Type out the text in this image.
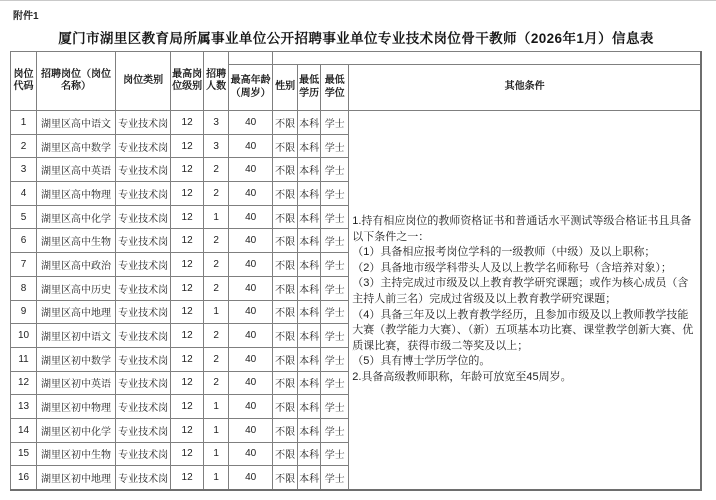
附件1
厦门市湖里区教育局所属事业单位公开招聘事业单位专业技术岗位骨干教师（2026年1月）信息表
岗位代码	招聘岗位（岗位名称）	岗位类别	最高岗位级别	招聘人数					
					最高年龄（周岁）	性别	最低学历	最低学位	其他条件
1	湖里区高中语文	专业技术岗	12	3	40	不限	本科	学士	
1.持有相应岗位的教师资格证书和普通话水平测试等级合格证书且具备以下条件之一：
（1）具备相应报考岗位学科的一级教师（中级）及以上职称；
（2）具备地市级学科带头人及以上教学名师称号（含培养对象）；
（3）主持完成过市级及以上教育教学研究课题；或作为核心成员（含主持人前三名）完成过省级及以上教育教学研究课题；
（4）具备三年及以上教育教学经历，且参加市级及以上教师教学技能大赛（教学能力大赛）、（新）五项基本功比赛、课堂教学创新大赛、优质课比赛，获得市级二等奖及以上；
（5）具有博士学历学位的。
2.具备高级教师职称，年龄可放宽至45周岁。

2	湖里区高中数学	专业技术岗	12	3	40	不限	本科	学士	
3	湖里区高中英语	专业技术岗	12	2	40	不限	本科	学士	
4	湖里区高中物理	专业技术岗	12	2	40	不限	本科	学士	
5	湖里区高中化学	专业技术岗	12	1	40	不限	本科	学士	
6	湖里区高中生物	专业技术岗	12	2	40	不限	本科	学士	
7	湖里区高中政治	专业技术岗	12	2	40	不限	本科	学士	
8	湖里区高中历史	专业技术岗	12	2	40	不限	本科	学士	
9	湖里区高中地理	专业技术岗	12	1	40	不限	本科	学士	
10	湖里区初中语文	专业技术岗	12	2	40	不限	本科	学士	
11	湖里区初中数学	专业技术岗	12	2	40	不限	本科	学士	
12	湖里区初中英语	专业技术岗	12	2	40	不限	本科	学士	
13	湖里区初中物理	专业技术岗	12	1	40	不限	本科	学士	
14	湖里区初中化学	专业技术岗	12	1	40	不限	本科	学士	
15	湖里区初中生物	专业技术岗	12	1	40	不限	本科	学士	
16	湖里区初中地理	专业技术岗	12	1	40	不限	本科	学士	
